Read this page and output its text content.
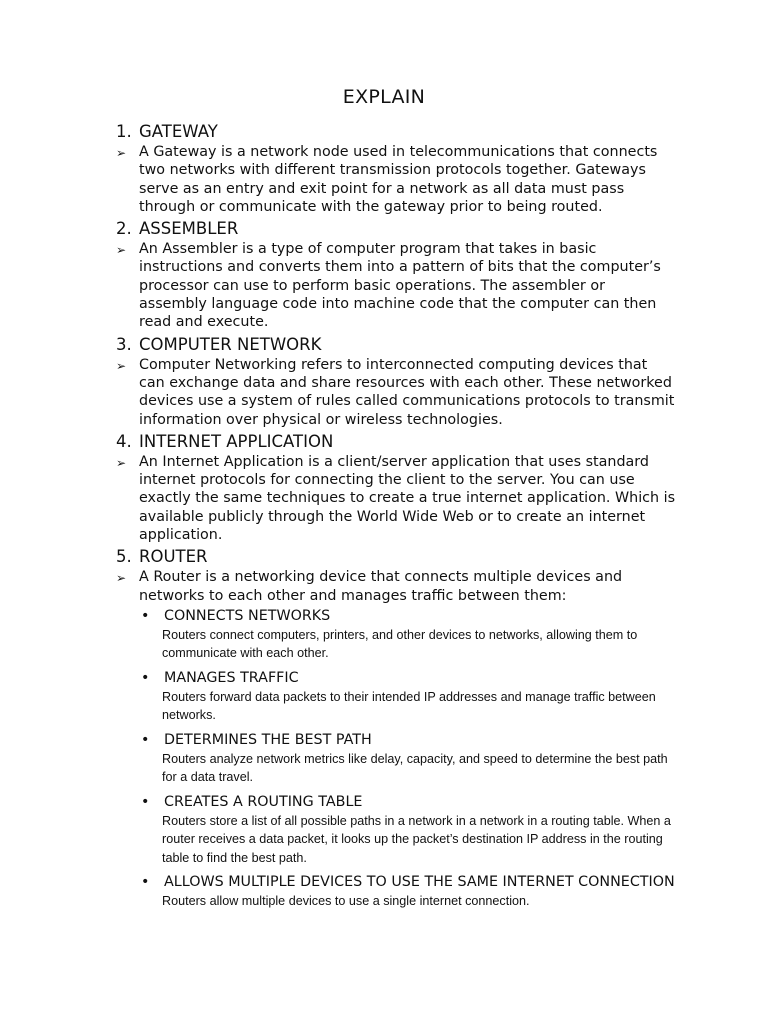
EXPLAIN
1. GATEWAY
➢ A Gateway is a network node used in telecommunications that connects two networks with different transmission protocols together. Gateways serve as an entry and exit point for a network as all data must pass through or communicate with the gateway prior to being routed.
2. ASSEMBLER
➢ An Assembler is a type of computer program that takes in basic instructions and converts them into a pattern of bits that the computer’s processor can use to perform basic operations. The assembler or assembly language code into machine code that the computer can then read and execute.
3. COMPUTER NETWORK
➢ Computer Networking refers to interconnected computing devices that can exchange data and share resources with each other. These networked devices use a system of rules called communications protocols to transmit information over physical or wireless technologies.
4. INTERNET APPLICATION
➢ An Internet Application is a client/server application that uses standard internet protocols for connecting the client to the server. You can use exactly the same techniques to create a true internet application. Which is available publicly through the World Wide Web or to create an internet application.
5. ROUTER
➢ A Router is a networking device that connects multiple devices and networks to each other and manages traffic between them:
•	CONNECTS NETWORKS
Routers connect computers, printers, and other devices to networks, allowing them to communicate with each other.
•	MANAGES TRAFFIC
Routers forward data packets to their intended IP addresses and manage traffic between networks.
•	DETERMINES THE BEST PATH
Routers analyze network metrics like delay, capacity, and speed to determine the best path for a data travel.
•	CREATES A ROUTING TABLE
Routers store a list of all possible paths in a network in a network in a routing table. When a router receives a data packet, it looks up the packet’s destination IP address in the routing table to find the best path.
•	ALLOWS MULTIPLE DEVICES TO USE THE SAME INTERNET CONNECTION
Routers allow multiple devices to use a single internet connection.
